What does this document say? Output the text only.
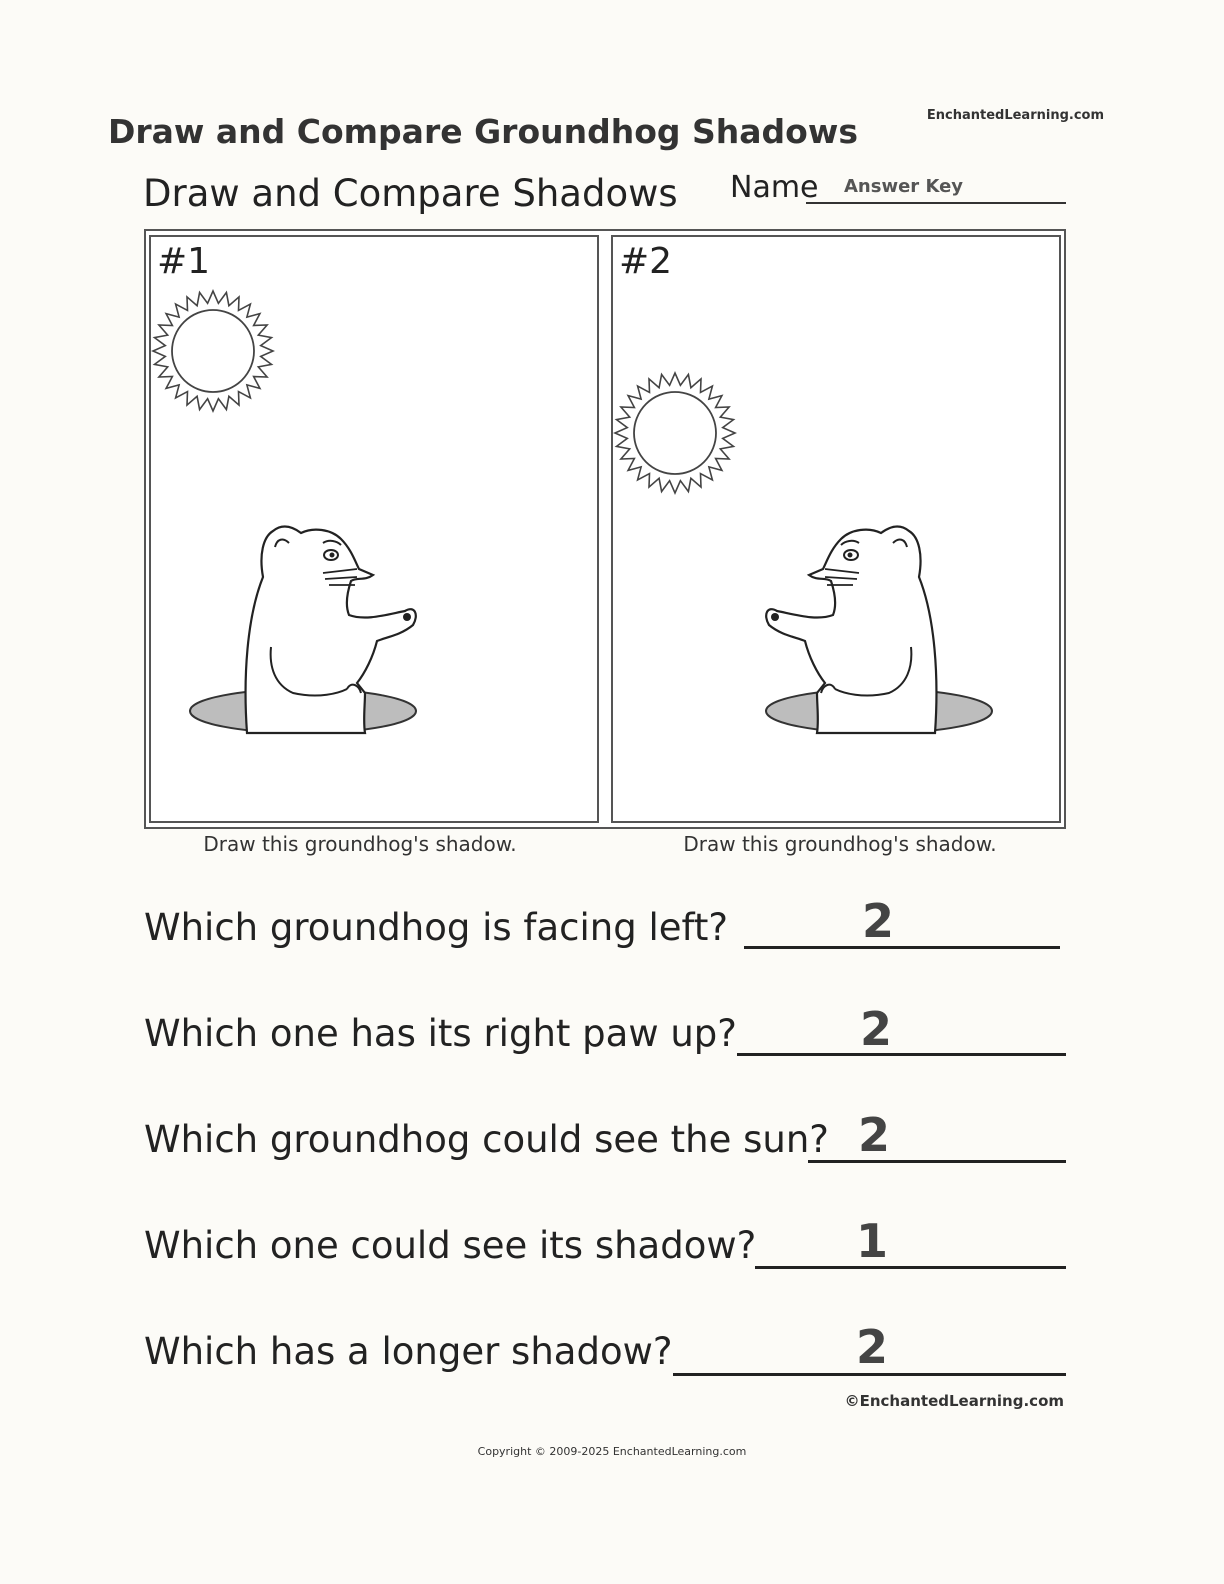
Draw and Compare Groundhog Shadows	EnchantedLearning.com
Draw and Compare Shadows Name Answer Key
#1	#2
Draw this groundhog's shadow.	Draw this groundhog's shadow.
Which groundhog is facing left?	2
Which one has its right paw up?	2
Which groundhog could see the sun? 2
Which one could see its shadow? 1
Which has a longer shadow?	2
©EnchantedLearning.com
Copyright © 2009-2025 EnchantedLearning.com
